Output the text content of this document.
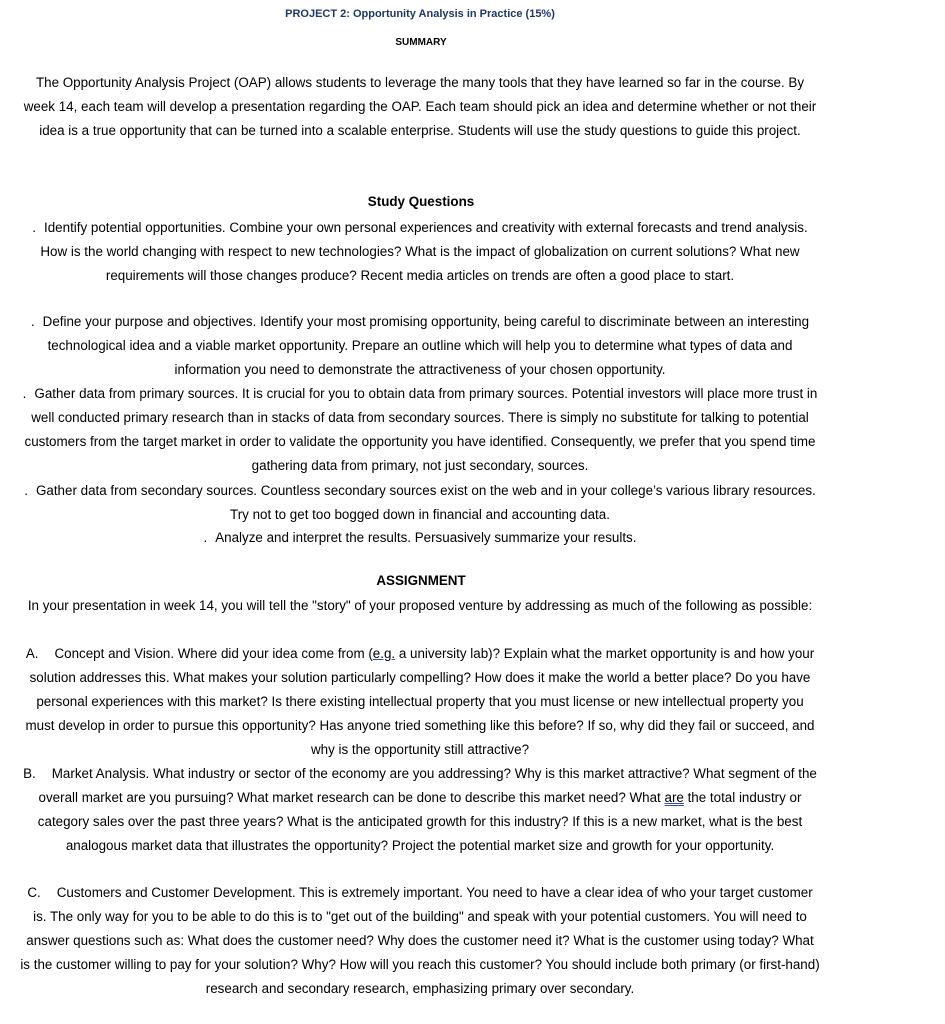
PROJECT 2: Opportunity Analysis in Practice (15%)
SUMMARY
The Opportunity Analysis Project (OAP) allows students to leverage the many tools that they have learned so far in the course. By week 14, each team will develop a presentation regarding the OAP. Each team should pick an idea and determine whether or not their idea is a true opportunity that can be turned into a scalable enterprise. Students will use the study questions to guide this project.
Study Questions
. Identify potential opportunities. Combine your own personal experiences and creativity with external forecasts and trend analysis. How is the world changing with respect to new technologies? What is the impact of globalization on current solutions? What new requirements will those changes produce? Recent media articles on trends are often a good place to start.
. Define your purpose and objectives. Identify your most promising opportunity, being careful to discriminate between an interesting technological idea and a viable market opportunity. Prepare an outline which will help you to determine what types of data and information you need to demonstrate the attractiveness of your chosen opportunity.
. Gather data from primary sources. It is crucial for you to obtain data from primary sources. Potential investors will place more trust in well conducted primary research than in stacks of data from secondary sources. There is simply no substitute for talking to potential customers from the target market in order to validate the opportunity you have identified. Consequently, we prefer that you spend time gathering data from primary, not just secondary, sources.
. Gather data from secondary sources. Countless secondary sources exist on the web and in your college’s various library resources. Try not to get too bogged down in financial and accounting data.
. Analyze and interpret the results. Persuasively summarize your results.
ASSIGNMENT
In your presentation in week 14, you will tell the "story" of your proposed venture by addressing as much of the following as possible:
A. Concept and Vision. Where did your idea come from (e.g. a university lab)? Explain what the market opportunity is and how your solution addresses this. What makes your solution particularly compelling? How does it make the world a better place? Do you have personal experiences with this market? Is there existing intellectual property that you must license or new intellectual property you must develop in order to pursue this opportunity? Has anyone tried something like this before? If so, why did they fail or succeed, and why is the opportunity still attractive?
B. Market Analysis. What industry or sector of the economy are you addressing? Why is this market attractive? What segment of the overall market are you pursuing? What market research can be done to describe this market need? What are the total industry or category sales over the past three years? What is the anticipated growth for this industry? If this is a new market, what is the best analogous market data that illustrates the opportunity? Project the potential market size and growth for your opportunity.
C. Customers and Customer Development. This is extremely important. You need to have a clear idea of who your target customer is. The only way for you to be able to do this is to "get out of the building" and speak with your potential customers. You will need to answer questions such as: What does the customer need? Why does the customer need it? What is the customer using today? What is the customer willing to pay for your solution? Why? How will you reach this customer? You should include both primary (or first-hand) research and secondary research, emphasizing primary over secondary.
